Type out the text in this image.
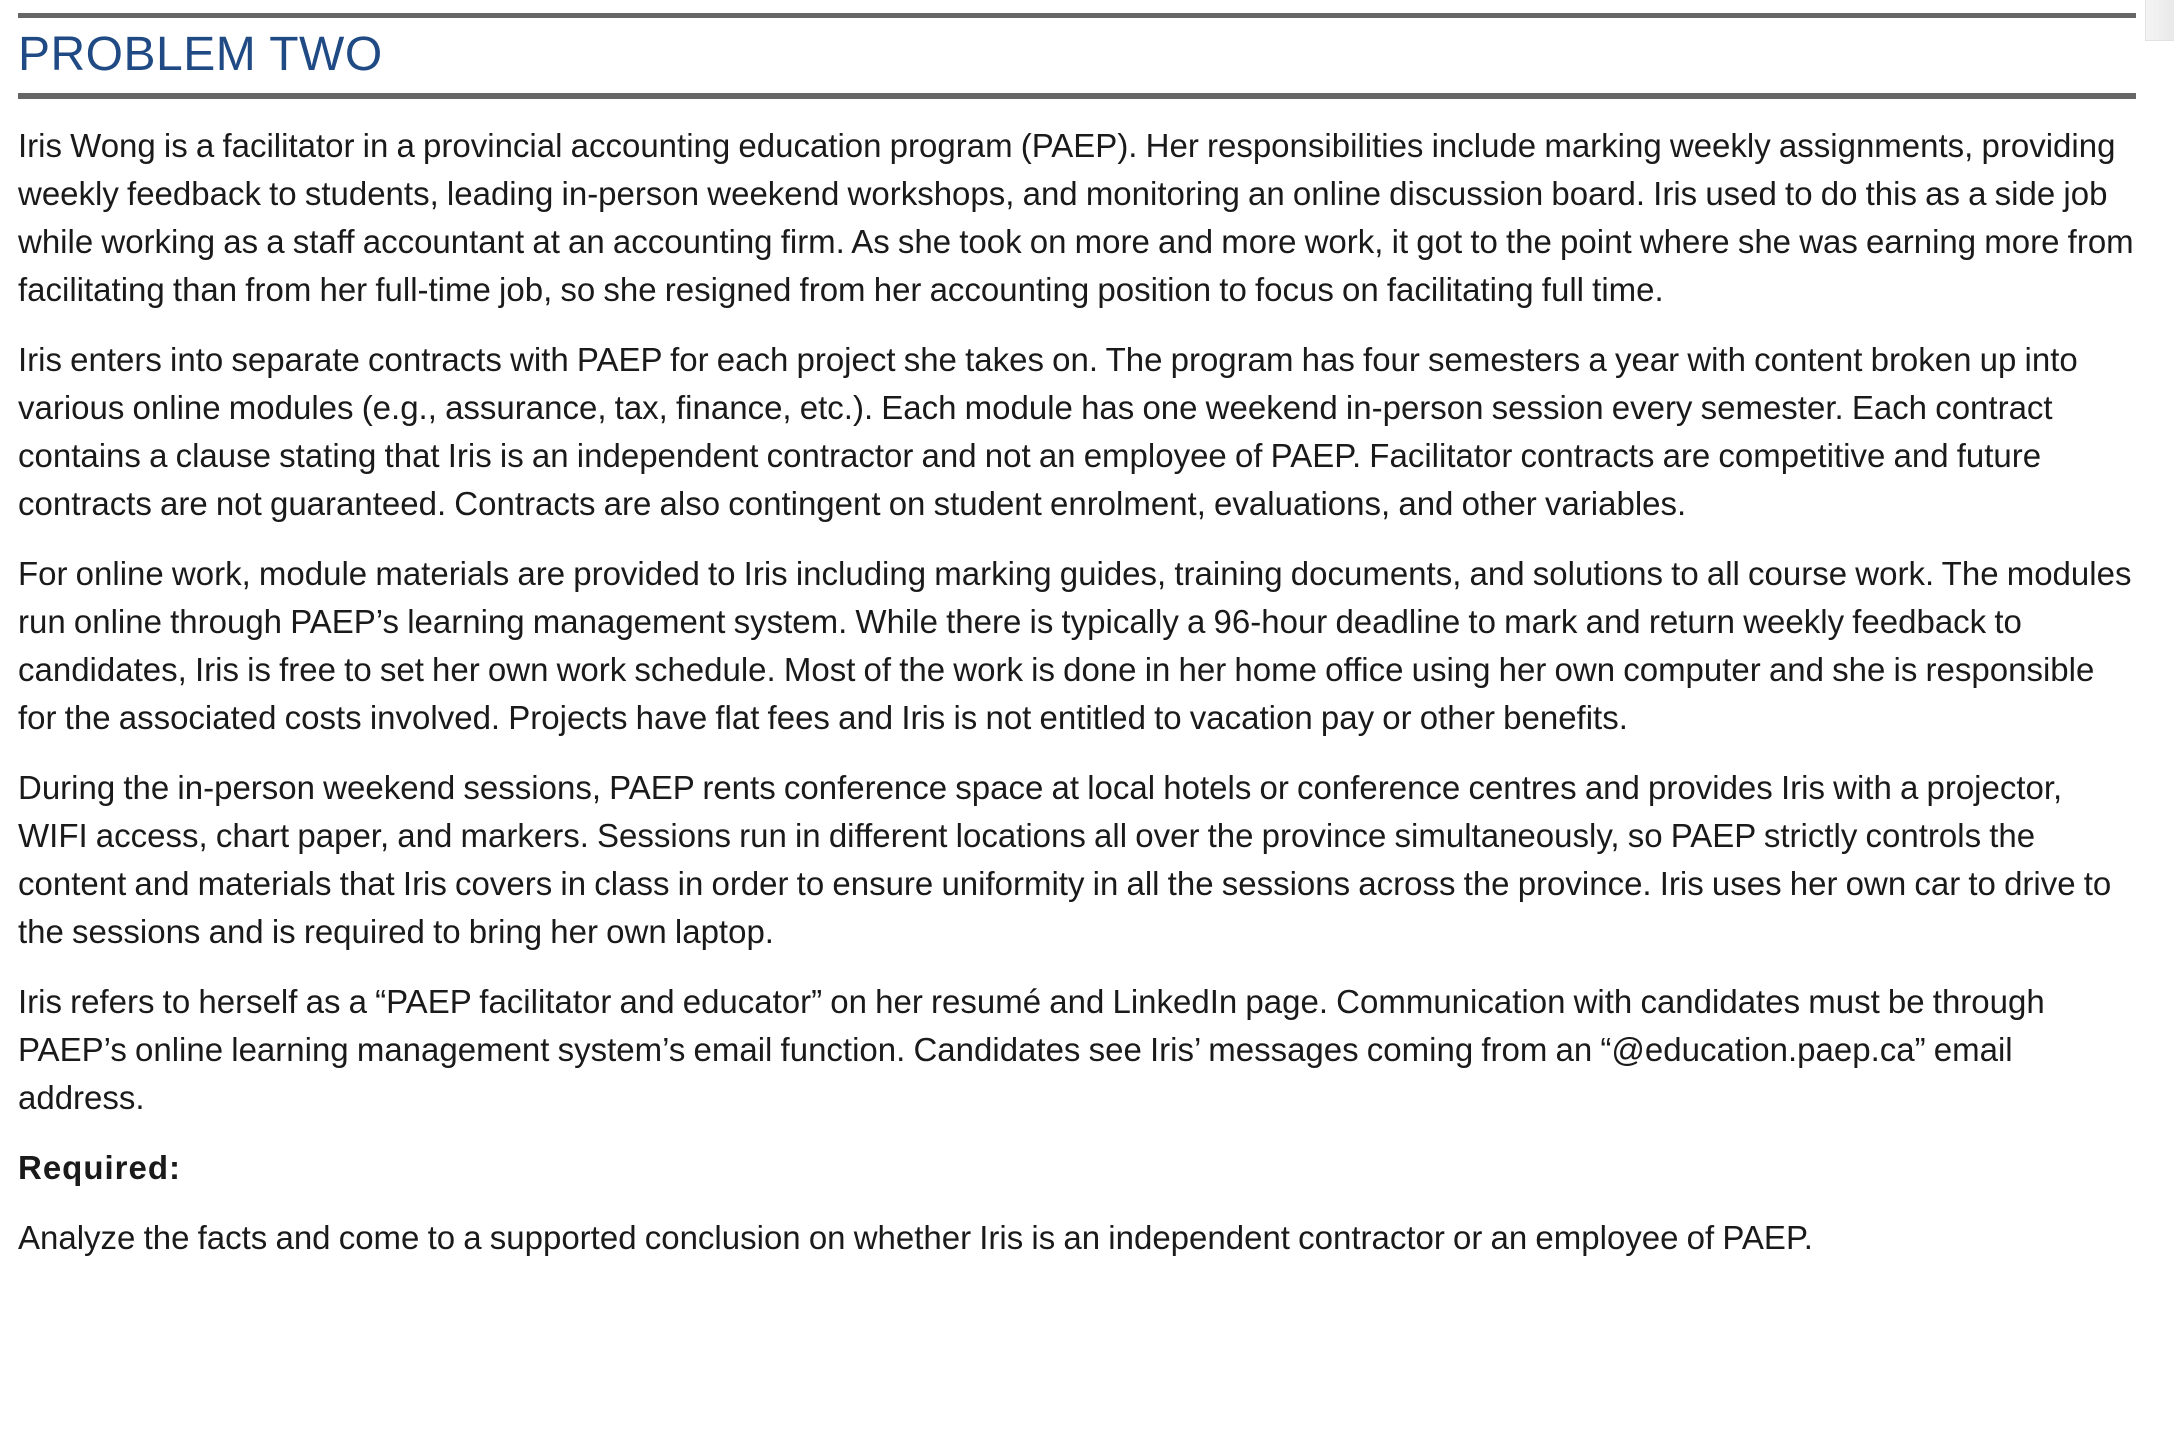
PROBLEM TWO

Iris Wong is a facilitator in a provincial accounting education program (PAEP). Her responsibilities include marking weekly assignments, providing weekly feedback to students, leading in-person weekend workshops, and monitoring an online discussion board. Iris used to do this as a side job while working as a staff accountant at an accounting firm. As she took on more and more work, it got to the point where she was earning more from facilitating than from her full-time job, so she resigned from her accounting position to focus on facilitating full time.

Iris enters into separate contracts with PAEP for each project she takes on. The program has four semesters a year with content broken up into various online modules (e.g., assurance, tax, finance, etc.). Each module has one weekend in-person session every semester. Each contract contains a clause stating that Iris is an independent contractor and not an employee of PAEP. Facilitator contracts are competitive and future contracts are not guaranteed. Contracts are also contingent on student enrolment, evaluations, and other variables.

For online work, module materials are provided to Iris including marking guides, training documents, and solutions to all course work. The modules run online through PAEP’s learning management system. While there is typically a 96-hour deadline to mark and return weekly feedback to candidates, Iris is free to set her own work schedule. Most of the work is done in her home office using her own computer and she is responsible for the associated costs involved. Projects have flat fees and Iris is not entitled to vacation pay or other benefits.

During the in-person weekend sessions, PAEP rents conference space at local hotels or conference centres and provides Iris with a projector, WIFI access, chart paper, and markers. Sessions run in different locations all over the province simultaneously, so PAEP strictly controls the content and materials that Iris covers in class in order to ensure uniformity in all the sessions across the province. Iris uses her own car to drive to the sessions and is required to bring her own laptop.

Iris refers to herself as a “PAEP facilitator and educator” on her resumé and LinkedIn page. Communication with candidates must be through PAEP’s online learning management system’s email function. Candidates see Iris’ messages coming from an “@education.paep.ca” email address.

Required:

Analyze the facts and come to a supported conclusion on whether Iris is an independent contractor or an employee of PAEP.
